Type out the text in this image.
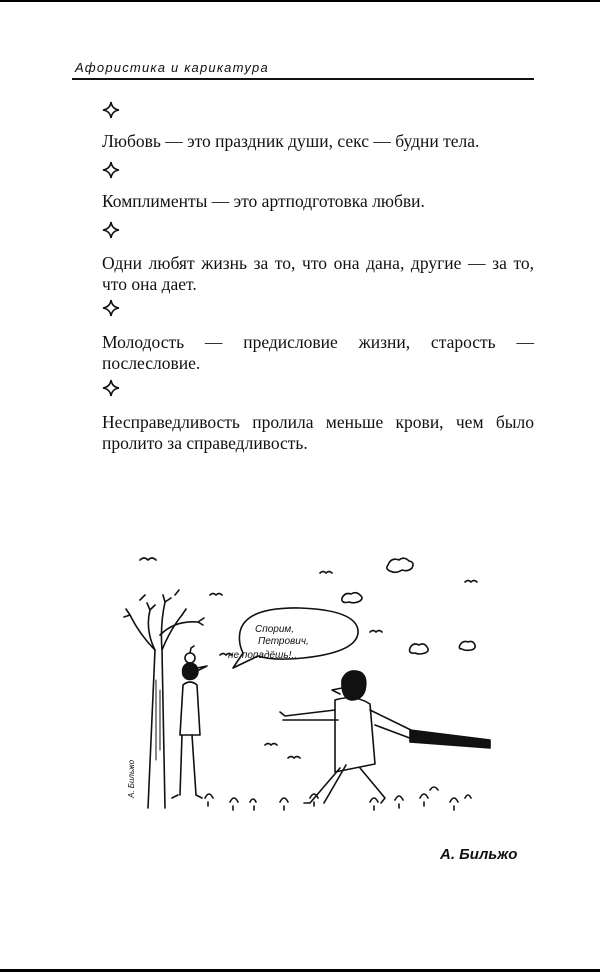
Афористика и карикатура
Любовь — это праздник души, секс — будни тела.
Комплименты — это артподготовка любви.
Одни любят жизнь за то, что она дана, другие — за то, что она дает.
Молодость — предисловие жизни, старость — послесловие.
Несправедливость пролила меньше крови, чем было пролито за справедливость.
Спорим,
Петрович,
не попадёшь!..
А. Бильжо
А. Бильжо
